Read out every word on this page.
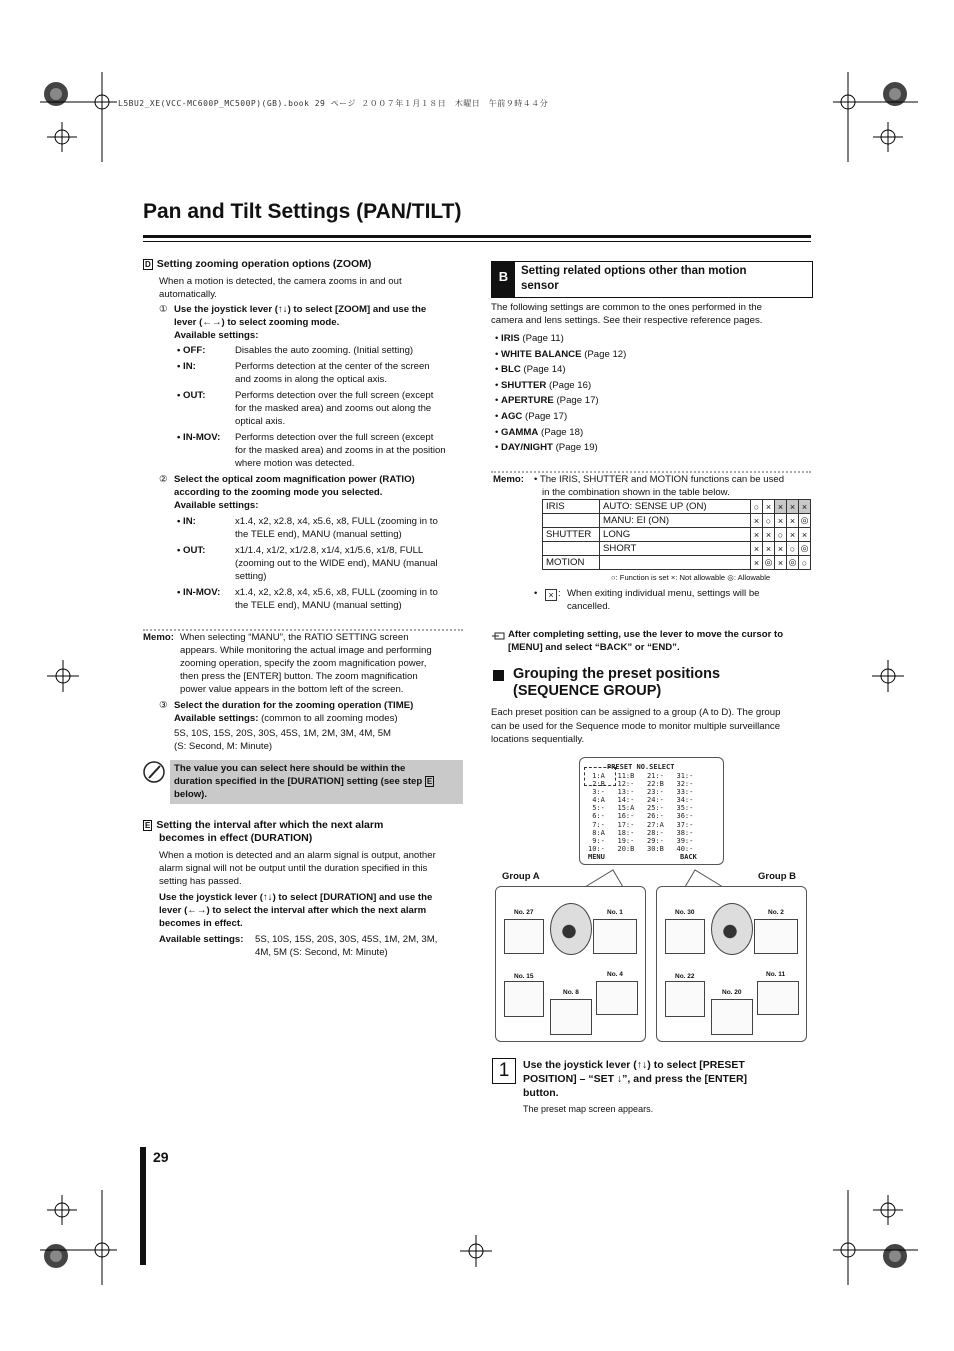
L5BU2_XE(VCC-MC600P_MC500P)(GB).book 29 ページ ２００７年１月１８日　木曜日　午前９時４４分
Pan and Tilt Settings (PAN/TILT)
D Setting zooming operation options (ZOOM)
When a motion is detected, the camera zooms in and out
automatically.
① Use the joystick lever (↑↓) to select [ZOOM] and use the
lever (←→) to select zooming mode.
Available settings:
• OFF:	Disables the auto zooming. (Initial setting)
• IN:	Performs detection at the center of the screen
and zooms in along the optical axis.
• OUT:	Performs detection over the full screen (except
for the masked area) and zooms out along the
optical axis.
• IN-MOV:	Performs detection over the full screen (except
for the masked area) and zooms in at the position
where motion was detected.
② Select the optical zoom magnification power (RATIO)
according to the zooming mode you selected.
Available settings:
• IN:	x1.4, x2, x2.8, x4, x5.6, x8, FULL (zooming in to
the TELE end), MANU (manual setting)
• OUT:	x1/1.4, x1/2, x1/2.8, x1/4, x1/5.6, x1/8, FULL
(zooming out to the WIDE end), MANU (manual
setting)
• IN-MOV:	x1.4, x2, x2.8, x4, x5.6, x8, FULL (zooming in to
the TELE end), MANU (manual setting)
Memo: When selecting “MANU”, the RATIO SETTING screen
appears. While monitoring the actual image and performing
zooming operation, specify the zoom magnification power,
then press the [ENTER] button. The zoom magnification
power value appears in the bottom left of the screen.
③ Select the duration for the zooming operation (TIME)
Available settings: (common to all zooming modes)
5S, 10S, 15S, 20S, 30S, 45S, 1M, 2M, 3M, 4M, 5M
(S: Second, M: Minute)
The value you can select here should be within the
duration specified in the [DURATION] setting (see step E
below).
E Setting the interval after which the next alarm
becomes in effect (DURATION)
When a motion is detected and an alarm signal is output, another
alarm signal will not be output until the duration specified in this
setting has passed.
Use the joystick lever (↑↓) to select [DURATION] and use the
lever (←→) to select the interval after which the next alarm
becomes in effect.
Available settings: 5S, 10S, 15S, 20S, 30S, 45S, 1M, 2M, 3M,
4M, 5M (S: Second, M: Minute)
B	Setting related options other than motion
sensor
The following settings are common to the ones performed in the
camera and lens settings. See their respective reference pages.
• IRIS (Page 11)
• WHITE BALANCE (Page 12)
• BLC (Page 14)
• SHUTTER (Page 16)
• APERTURE (Page 17)
• AGC (Page 17)
• GAMMA (Page 18)
• DAY/NIGHT (Page 19)
Memo: • The IRIS, SHUTTER and MOTION functions can be used
in the combination shown in the table below.
IRIS	AUTO: SENSE UP (ON)	○	×	×	×	×
	MANU: EI (ON)	×	○	×	×	◎
SHUTTER	LONG	×	×	○	×	×
	SHORT	×	×	×	○	◎
MOTION		×	◎	×	◎	○
○: Function is set ×: Not allowable ◎: Allowable
•	× : When exiting individual menu, settings will be
cancelled.
After completing setting, use the lever to move the cursor to
[MENU] and select “BACK” or “END”.
Grouping the preset positions
(SEQUENCE GROUP)
Each preset position can be assigned to a group (A to D). The group
can be used for the Sequence mode to monitor multiple surveillance
locations sequentially.
PRESET NO.SELECT
1:A   11:B   21:-   31:-
2:B   12:-   22:B   32:-
3:-   13:-   23:-   33:-
4:A   14:-   24:-   34:-
5:-   15:A   25:-   35:-
6:-   16:-   26:-   36:-
7:-   17:-   27:A   37:-
8:A   18:-   28:-   38:-
9:-   19:-   29:-   39:-
10:-   20:B   30:B   40:-
MENU	BACK
Group A	Group B
No. 27	No. 1
No. 15	No. 4
No. 8
No. 30	No. 2
No. 22	No. 11
No. 20
1	Use the joystick lever (↑↓) to select [PRESET
POSITION] – “SET ↓”, and press the [ENTER]
button.
The preset map screen appears.
29
